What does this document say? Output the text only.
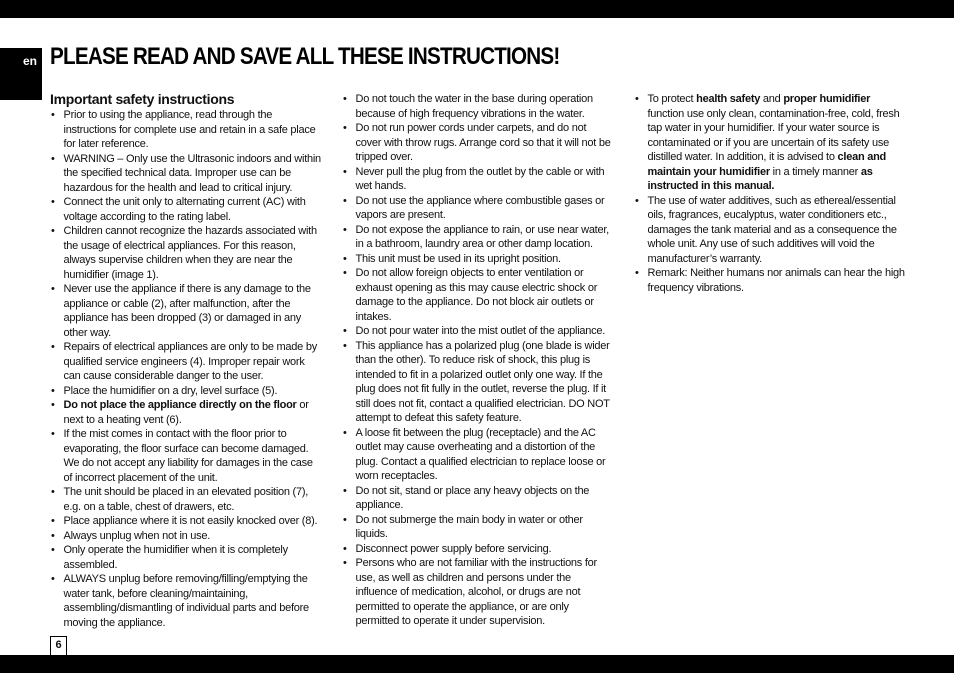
en PLEASE READ AND SAVE ALL THESE INSTRUCTIONS!
Important safety instructions
• Prior to using the appliance, read through the instructions for complete use and retain in a safe place for later reference.
• WARNING – Only use the Ultrasonic indoors and within the specified technical data. Improper use can be hazardous for the health and lead to critical injury.
• Connect the unit only to alternating current (AC) with voltage according to the rating label.
• Children cannot recognize the hazards associated with the usage of electrical appliances. For this reason, always supervise children when they are near the humidifier (image 1).
• Never use the appliance if there is any damage to the appliance or cable (2), after malfunction, after the appliance has been dropped (3) or damaged in any other way.
• Repairs of electrical appliances are only to be made by qualified service engineers (4). Improper repair work can cause considerable danger to the user.
• Place the humidifier on a dry, level surface (5).
• Do not place the appliance directly on the floor or next to a heating vent (6).
• If the mist comes in contact with the floor prior to evaporating, the floor surface can become damaged. We do not accept any liability for damages in the case of incorrect placement of the unit.
• The unit should be placed in an elevated position (7), e.g. on a table, chest of drawers, etc.
• Place appliance where it is not easily knocked over (8).
• Always unplug when not in use.
• Only operate the humidifier when it is completely assembled.
• ALWAYS unplug before removing/filling/emptying the water tank, before cleaning/maintaining, assembling/dismantling of individual parts and before moving the appliance.
• Do not touch the water in the base during operation because of high frequency vibrations in the water.
• Do not run power cords under carpets, and do not cover with throw rugs. Arrange cord so that it will not be tripped over.
• Never pull the plug from the outlet by the cable or with wet hands.
• Do not use the appliance where combustible gases or vapors are present.
• Do not expose the appliance to rain, or use near water, in a bathroom, laundry area or other damp location.
• This unit must be used in its upright position.
• Do not allow foreign objects to enter ventilation or exhaust opening as this may cause electric shock or damage to the appliance. Do not block air outlets or intakes.
• Do not pour water into the mist outlet of the appliance.
• This appliance has a polarized plug (one blade is wider than the other). To reduce risk of shock, this plug is intended to fit in a polarized outlet only one way. If the plug does not fit fully in the outlet, reverse the plug. If it still does not fit, contact a qualified electrician. DO NOT attempt to defeat this safety feature.
• A loose fit between the plug (receptacle) and the AC outlet may cause overheating and a distortion of the plug. Contact a qualified electrician to replace loose or worn receptacles.
• Do not sit, stand or place any heavy objects on the appliance.
• Do not submerge the main body in water or other liquids.
• Disconnect power supply before servicing.
• Persons who are not familiar with the instructions for use, as well as children and persons under the influence of medication, alcohol, or drugs are not permitted to operate the appliance, or are only permitted to operate it under supervision.
• To protect health safety and proper humidifier function use only clean, contamination-free, cold, fresh tap water in your humidifier. If your water source is contaminated or if you are uncertain of its safety use distilled water. In addition, it is advised to clean and maintain your humidifier in a timely manner as instructed in this manual.
• The use of water additives, such as ethereal/essential oils, fragrances, eucalyptus, water conditioners etc., damages the tank material and as a consequence the whole unit. Any use of such additives will void the manufacturer’s warranty.
• Remark: Neither humans nor animals can hear the high frequency vibrations.
6
